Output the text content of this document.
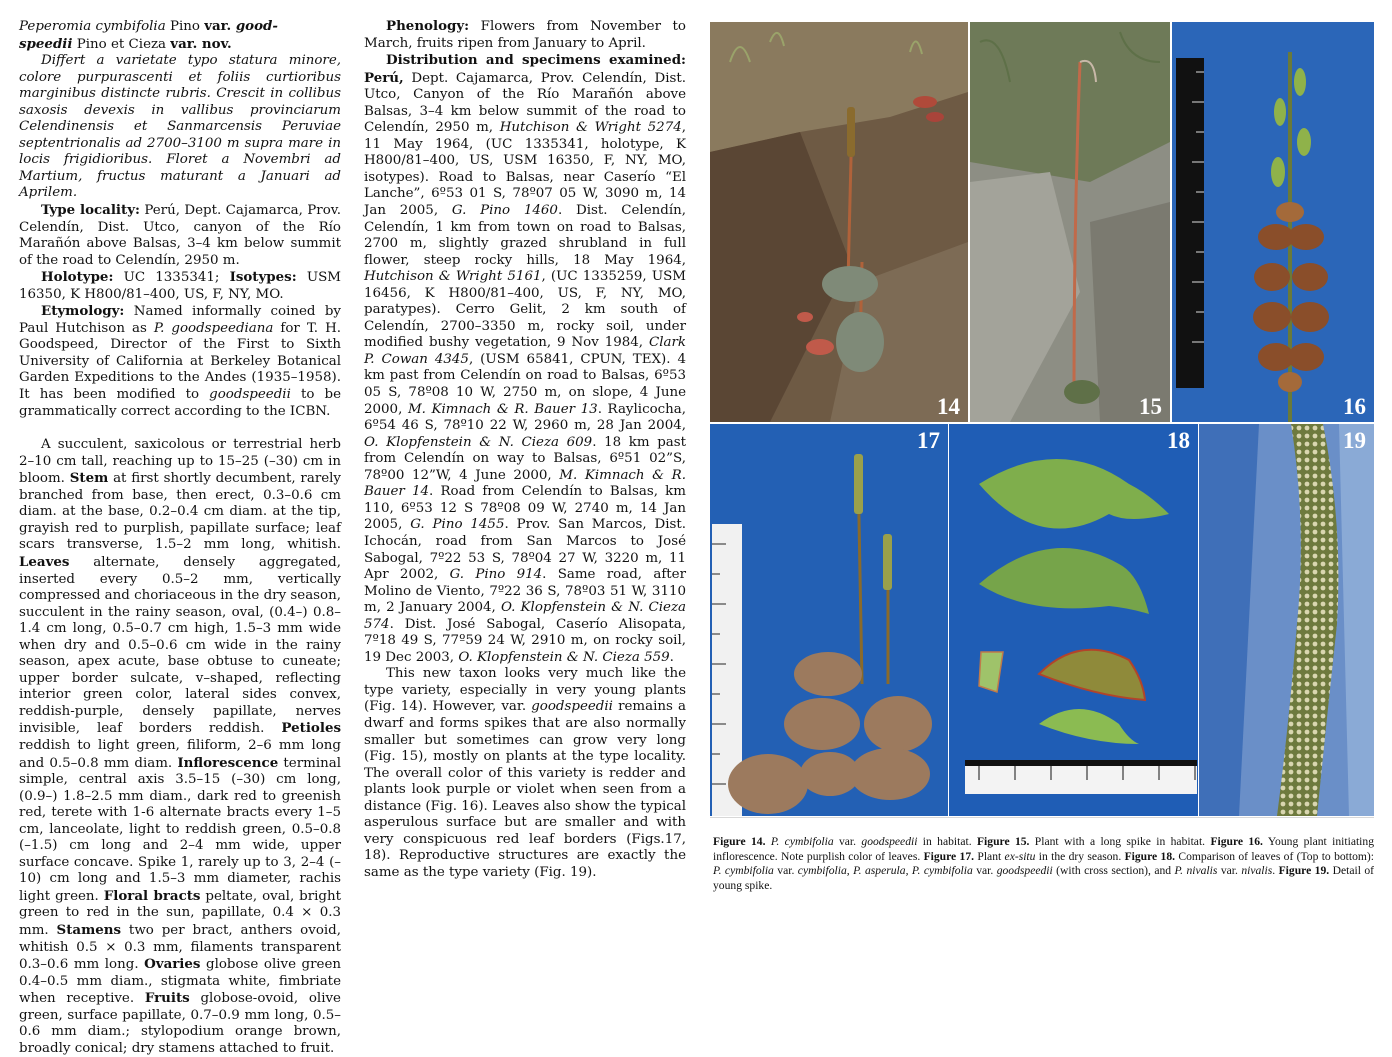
Peperomia cymbifolia Pino var. good-
speedii Pino et Cieza var. nov.

Differt a varietate typo statura minore, colore purpurascenti et foliis curtioribus marginibus distincte rubris. Crescit in collibus saxosis devexis in vallibus provinciarum Celendinensis et Sanmarcensis Peruviae septentrionalis ad 2700–3100 m supra mare in locis frigidioribus. Floret a Novembri ad Martium, fructus maturant a Januari ad Aprilem.

Type locality: Perú, Dept. Cajamarca, Prov. Celendín, Dist. Utco, canyon of the Río Marañón above Balsas, 3–4 km below summit of the road to Celendín, 2950 m.

Holotype: UC 1335341; Isotypes: USM 16350, K H800/81–400, US, F, NY, MO.

Etymology: Named informally coined by Paul Hutchison as P. goodspeediana for T. H. Goodspeed, Director of the First to Sixth University of California at Berkeley Botanical Garden Expeditions to the Andes (1935–1958). It has been modified to goodspeedii to be grammatically correct according to the ICBN.

A succulent, saxicolous or terrestrial herb 2–10 cm tall, reaching up to 15–25 (–30) cm in bloom. Stem at first shortly decumbent, rarely branched from base, then erect, 0.3–0.6 cm diam. at the base, 0.2–0.4 cm diam. at the tip, grayish red to purplish, papillate surface; leaf scars transverse, 1.5–2 mm long, whitish. Leaves alternate, densely aggregated, inserted every 0.5–2 mm, vertically compressed and choriaceous in the dry season, succulent in the rainy season, oval, (0.4–) 0.8–1.4 cm long, 0.5–0.7 cm high, 1.5–3 mm wide when dry and 0.5–0.6 cm wide in the rainy season, apex acute, base obtuse to cuneate; upper border sulcate, v–shaped, reflecting interior green color, lateral sides convex, reddish-purple, densely papillate, nerves invisible, leaf borders reddish. Petioles reddish to light green, filiform, 2–6 mm long and 0.5–0.8 mm diam. Inflorescence terminal simple, central axis 3.5–15 (–30) cm long, (0.9–) 1.8–2.5 mm diam., dark red to greenish red, terete with 1-6 alternate bracts every 1–5 cm, lanceolate, light to reddish green, 0.5–0.8 (–1.5) cm long and 2–4 mm wide, upper surface concave. Spike 1, rarely up to 3, 2–4 (–10) cm long and 1.5–3 mm diameter, rachis light green. Floral bracts peltate, oval, bright green to red in the sun, papillate, 0.4 × 0.3 mm. Stamens two per bract, anthers ovoid, whitish 0.5 × 0.3 mm, filaments transparent 0.3–0.6 mm long. Ovaries globose olive green 0.4–0.5 mm diam., stigmata white, fimbriate when receptive. Fruits globose-ovoid, olive green, surface papillate, 0.7–0.9 mm long, 0.5–0.6 mm diam.; stylopodium orange brown, broadly conical; dry stamens attached to fruit.

Phenology: Flowers from November to March, fruits ripen from January to April.

Distribution and specimens examined: Perú, Dept. Cajamarca, Prov. Celendín, Dist. Utco, Canyon of the Río Marañón above Balsas, 3–4 km below summit of the road to Celendín, 2950 m, Hutchison & Wright 5274, 11 May 1964, (UC 1335341, holotype, K H800/81–400, US, USM 16350, F, NY, MO, isotypes). Road to Balsas, near Caserío “El Lanche”, 6º53 01 S, 78º07 05 W, 3090 m, 14 Jan 2005, G. Pino 1460. Dist. Celendín, Celendín, 1 km from town on road to Balsas, 2700 m, slightly grazed shrubland in full flower, steep rocky hills, 18 May 1964, Hutchison & Wright 5161, (UC 1335259, USM 16456, K H800/81–400, US, F, NY, MO, paratypes). Cerro Gelit, 2 km south of Celendín, 2700–3350 m, rocky soil, under modified bushy vegetation, 9 Nov 1984, Clark P. Cowan 4345, (USM 65841, CPUN, TEX). 4 km past from Celendín on road to Balsas, 6º53 05 S, 78º08 10 W, 2750 m, on slope, 4 June 2000, M. Kimnach & R. Bauer 13. Raylicocha, 6º54 46 S, 78º10 22 W, 2960 m, 28 Jan 2004, O. Klopfenstein & N. Cieza 609. 18 km past from Celendín on way to Balsas, 6º51 02”S, 78º00 12”W, 4 June 2000, M. Kimnach & R. Bauer 14. Road from Celendín to Balsas, km 110, 6º53 12 S 78º08 09 W, 2740 m, 14 Jan 2005, G. Pino 1455. Prov. San Marcos, Dist. Ichocán, road from San Marcos to José Sabogal, 7º22 53 S, 78º04 27 W, 3220 m, 11 Apr 2002, G. Pino 914. Same road, after Molino de Viento, 7º22 36 S, 78º03 51 W, 3110 m, 2 January 2004, O. Klopfenstein & N. Cieza 574. Dist. José Sabogal, Caserío Alisopata, 7º18 49 S, 77º59 24 W, 2910 m, on rocky soil, 19 Dec 2003, O. Klopfenstein & N. Cieza 559.

This new taxon looks very much like the type variety, especially in very young plants (Fig. 14). However, var. goodspeedii remains a dwarf and forms spikes that are also normally smaller but sometimes can grow very long (Fig. 15), mostly on plants at the type locality. The overall color of this variety is redder and plants look purple or violet when seen from a distance (Fig. 16). Leaves also show the typical asperulous surface but are smaller and with very conspicuous red leaf borders (Figs.17, 18). Reproductive structures are exactly the same as the type variety (Fig. 19).

14	15	16
17	18	19
Figure 14. P. cymbifolia var. goodspeedii in habitat. Figure 15. Plant with a long spike in habitat. Figure 16. Young plant initiating inflorescence. Note purplish color of leaves. Figure 17. Plant ex-situ in the dry season. Figure 18. Comparison of leaves of (Top to bottom): P. cymbifolia var. cymbifolia, P. asperula, P. cymbifolia var. goodspeedii (with cross section), and P. nivalis var. nivalis. Figure 19. Detail of young spike.
